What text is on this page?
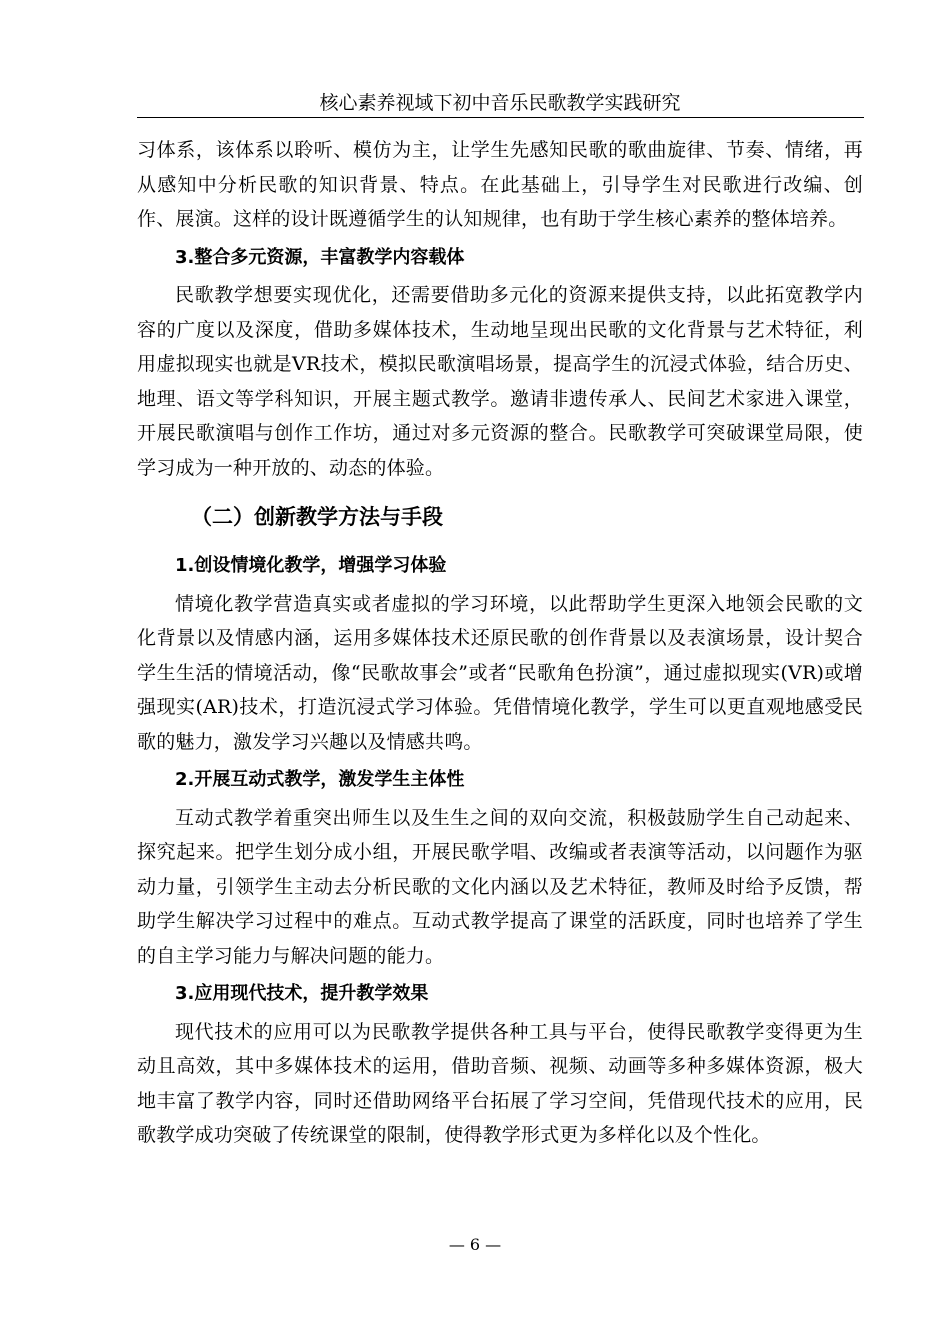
核心素养视域下初中音乐民歌教学实践研究

习体系，该体系以聆听、模仿为主，让学生先感知民歌的歌曲旋律、节奏、情绪，再从感知中分析民歌的知识背景、特点。在此基础上，引导学生对民歌进行改编、创作、展演。这样的设计既遵循学生的认知规律，也有助于学生核心素养的整体培养。

3.整合多元资源，丰富教学内容载体

民歌教学想要实现优化，还需要借助多元化的资源来提供支持，以此拓宽教学内容的广度以及深度，借助多媒体技术，生动地呈现出民歌的文化背景与艺术特征，利用虚拟现实也就是VR技术，模拟民歌演唱场景，提高学生的沉浸式体验，结合历史、地理、语文等学科知识，开展主题式教学。邀请非遗传承人、民间艺术家进入课堂，开展民歌演唱与创作工作坊，通过对多元资源的整合。民歌教学可突破课堂局限，使学习成为一种开放的、动态的体验。

（二）创新教学方法与手段
1.创设情境化教学，增强学习体验

情境化教学营造真实或者虚拟的学习环境，以此帮助学生更深入地领会民歌的文化背景以及情感内涵，运用多媒体技术还原民歌的创作背景以及表演场景，设计契合学生生活的情境活动，像“民歌故事会”或者“民歌角色扮演”，通过虚拟现实(VR)或增强现实(AR)技术，打造沉浸式学习体验。凭借情境化教学，学生可以更直观地感受民歌的魅力，激发学习兴趣以及情感共鸣。

2.开展互动式教学，激发学生主体性

互动式教学着重突出师生以及生生之间的双向交流，积极鼓励学生自己动起来、探究起来。把学生划分成小组，开展民歌学唱、改编或者表演等活动，以问题作为驱动力量，引领学生主动去分析民歌的文化内涵以及艺术特征，教师及时给予反馈，帮助学生解决学习过程中的难点。互动式教学提高了课堂的活跃度，同时也培养了学生的自主学习能力与解决问题的能力。

3.应用现代技术，提升教学效果

现代技术的应用可以为民歌教学提供各种工具与平台，使得民歌教学变得更为生动且高效，其中多媒体技术的运用，借助音频、视频、动画等多种多媒体资源，极大地丰富了教学内容，同时还借助网络平台拓展了学习空间，凭借现代技术的应用，民歌教学成功突破了传统课堂的限制，使得教学形式更为多样化以及个性化。

— 6 —
